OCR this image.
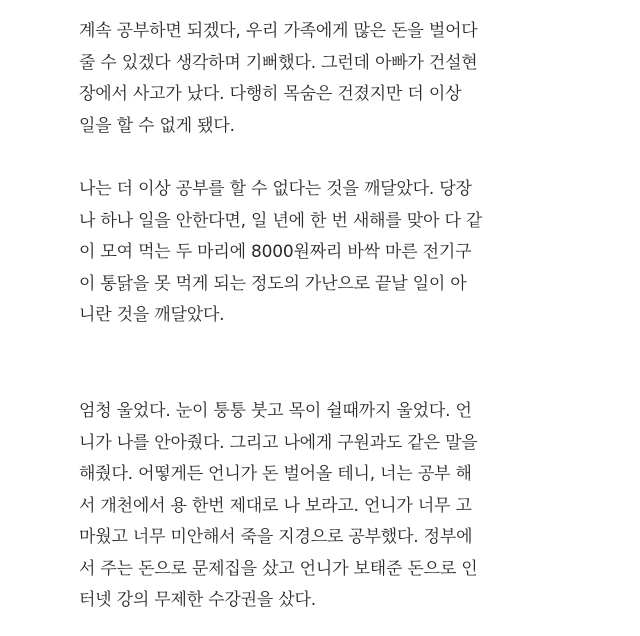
계속 공부하면 되겠다, 우리 가족에게 많은 돈을 벌어다
줄 수 있겠다 생각하며 기뻐했다. 그런데 아빠가 건설현
장에서 사고가 났다. 다행히 목숨은 건졌지만 더 이상
일을 할 수 없게 됐다.
나는 더 이상 공부를 할 수 없다는 것을 깨달았다. 당장
나 하나 일을 안한다면, 일 년에 한 번 새해를 맞아 다 같
이 모여 먹는 두 마리에 8000원짜리 바싹 마른 전기구
이 통닭을 못 먹게 되는 정도의 가난으로 끝날 일이 아
니란 것을 깨달았다.
엄청 울었다. 눈이 퉁퉁 붓고 목이 쉴때까지 울었다. 언
니가 나를 안아줬다. 그리고 나에게 구원과도 같은 말을
해줬다. 어떻게든 언니가 돈 벌어올 테니, 너는 공부 해
서 개천에서 용 한번 제대로 나 보라고. 언니가 너무 고
마웠고 너무 미안해서 죽을 지경으로 공부했다. 정부에
서 주는 돈으로 문제집을 샀고 언니가 보태준 돈으로 인
터넷 강의 무제한 수강권을 샀다.
